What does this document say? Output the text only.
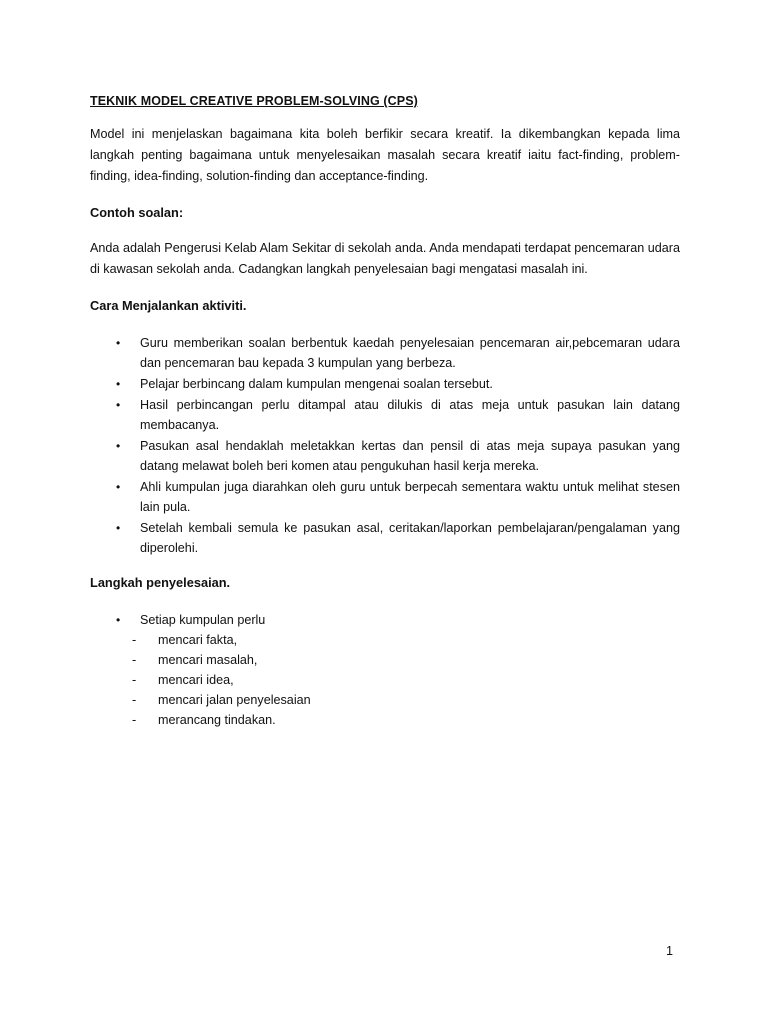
TEKNIK MODEL CREATIVE PROBLEM-SOLVING (CPS)

Model ini menjelaskan bagaimana kita boleh berfikir secara kreatif. Ia dikembangkan kepada lima langkah penting bagaimana untuk menyelesaikan masalah secara kreatif iaitu fact-finding, problem-finding, idea-finding, solution-finding dan acceptance-finding.

Contoh soalan:

Anda adalah Pengerusi Kelab Alam Sekitar di sekolah anda. Anda mendapati terdapat pencemaran udara di kawasan sekolah anda. Cadangkan langkah penyelesaian bagi mengatasi masalah ini.

Cara Menjalankan aktiviti.

• Guru memberikan soalan berbentuk kaedah penyelesaian pencemaran air,pebcemaran udara dan pencemaran bau kepada 3 kumpulan yang berbeza.
• Pelajar berbincang dalam kumpulan mengenai soalan tersebut.
• Hasil perbincangan perlu ditampal atau dilukis di atas meja untuk pasukan lain datang membacanya.
• Pasukan asal hendaklah meletakkan kertas dan pensil di atas meja supaya pasukan yang datang melawat boleh beri komen atau pengukuhan hasil kerja mereka.
• Ahli kumpulan juga diarahkan oleh guru untuk berpecah sementara waktu untuk melihat stesen lain pula.
• Setelah kembali semula ke pasukan asal, ceritakan/laporkan pembelajaran/pengalaman yang diperolehi.

Langkah penyelesaian.

• Setiap kumpulan perlu
- mencari fakta,
- mencari masalah,
- mencari idea,
- mencari jalan penyelesaian
- merancang tindakan.
1
